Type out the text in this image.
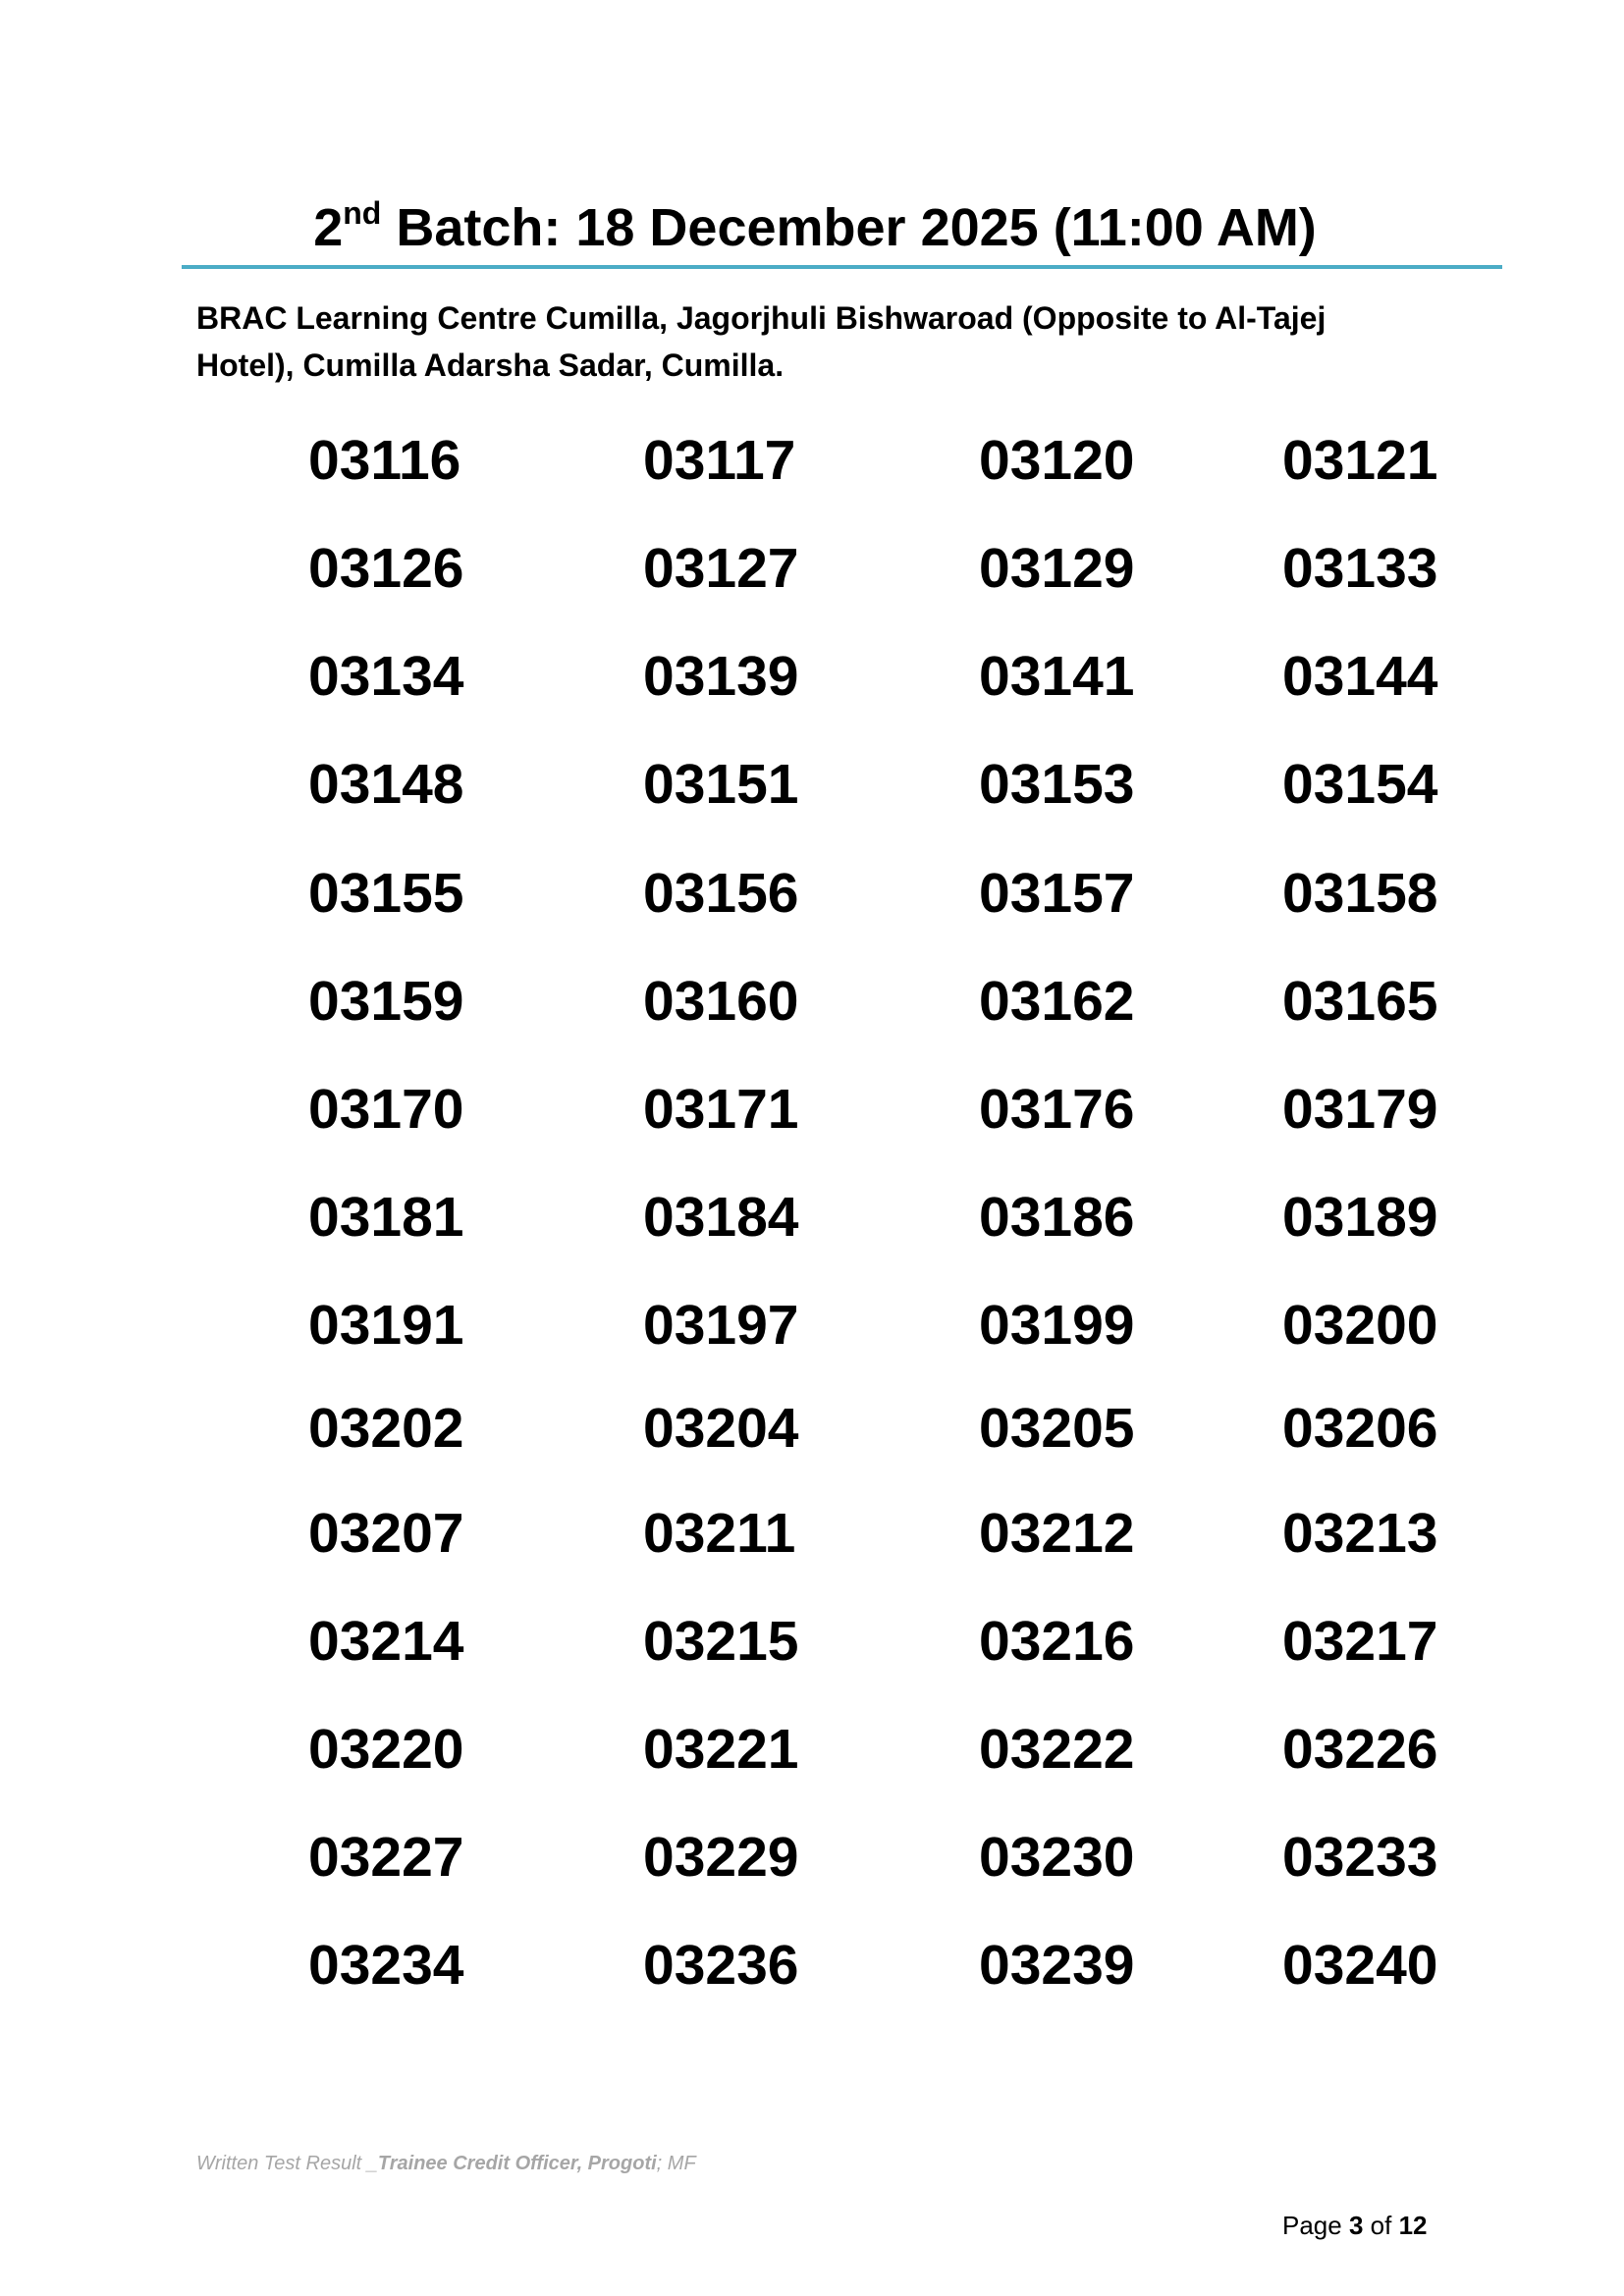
2nd Batch: 18 December 2025 (11:00 AM)
BRAC Learning Centre Cumilla, Jagorjhuli Bishwaroad (Opposite to Al-Tajej Hotel), Cumilla Adarsha Sadar, Cumilla.
03116	03117	03120	03121
03126	03127	03129	03133
03134	03139	03141	03144
03148	03151	03153	03154
03155	03156	03157	03158
03159	03160	03162	03165
03170	03171	03176	03179
03181	03184	03186	03189
03191	03197	03199	03200
03202	03204	03205	03206
03207	03211	03212	03213
03214	03215	03216	03217
03220	03221	03222	03226
03227	03229	03230	03233
03234	03236	03239	03240
Written Test Result _Trainee Credit Officer, Progoti; MF
Page 3 of 12
